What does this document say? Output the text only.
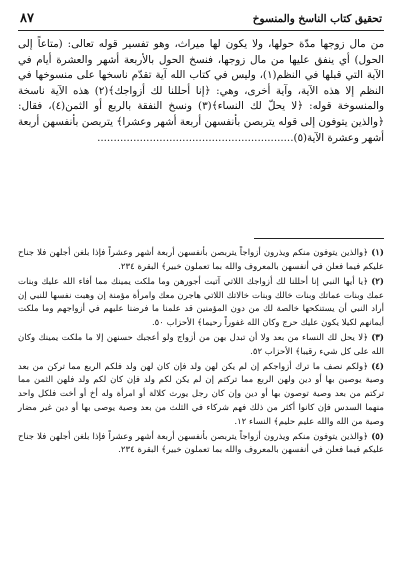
تحقيق كتاب الناسخ والمنسوخ
٨٧

من مال زوجها مدّة حولها، ولا يكون لها ميراث، وهو تفسير قوله تعالى: (متاعاً إلى الحول) أي ينفق عليها من مال زوجها، فنسخ الحول بالأربعة أشهر والعشرة أيام في الآية التي قبلها في النظم(١)، وليس في كتاب الله آية تقدّم ناسخها على منسوخها في النظم إلا هذه الآية، وآية أخرى، وهي: ﴿إنا أحللنا لك أزواجك﴾(٢) هذه الآية ناسخة والمنسوخة قوله: ﴿لا يحلّ لك النساء﴾(٣) ونسخ النفقة بالربع أو الثمن(٤)، فقال: ﴿والذين يتوفون إلى قوله يتربصن بأنفسهن أربعة أشهر وعشرا﴾ يتربصن بأنفسهن أربعة أشهر وعشرة الآية(٥)............................................................

(١)﴿والذين يتوفون منكم ويذرون أزواجاً يتربصن بأنفسهن أربعة أشهر وعشراً فإذا بلغن أجلهن فلا جناح عليكم فيما فعلن في أنفسهن بالمعروف والله بما تعملون خبير﴾ البقرة ٢٣٤.

(٢)﴿يا أيها النبي إنا أحللنا لك أزواجك اللاتي آتيت أجورهن وما ملكت يمينك مما أفاء الله عليك وبنات عمك وبنات عماتك وبنات خالك وبنات خالاتك اللاتي هاجرن معك وامرأة مؤمنة إن وهبت نفسها للنبي إن أراد النبي أن يستنكحها خالصة لك من دون المؤمنين قد علمنا ما فرضنا عليهم في أزواجهم وما ملكت أيمانهم لكيلا يكون عليك حرج وكان الله غفوراً رحيما﴾ الأحزاب ٥٠.

(٣)﴿لا يحل لك النساء من بعد ولا أن تبدل بهن من أزواج ولو أعجبك حسنهن إلا ما ملكت يمينك وكان الله على كل شيء رقيبا﴾ الأحزاب ٥٢.

(٤)﴿ولكم نصف ما ترك أزواجكم إن لم يكن لهن ولد فإن كان لهن ولد فلكم الربع مما تركن من بعد وصية يوصين بها أو دين ولهن الربع مما تركتم إن لم يكن لكم ولد فإن كان لكم ولد فلهن الثمن مما تركتم من بعد وصية توصون بها أو دين وإن كان رجل يورث كلالة أو امرأة وله أخ أو أخت فلكل واحد منهما السدس فإن كانوا أكثر من ذلك فهم شركاء في الثلث من بعد وصية يوصى بها أو دين غير مضار وصية من الله والله عليم حليم﴾ النساء ١٢.

(٥)﴿والذين يتوفون منكم ويذرون أزواجاً يتربصن بأنفسهن أربعة أشهر وعشراً فإذا بلغن أجلهن فلا جناح عليكم فيما فعلن في أنفسهن بالمعروف والله بما تعملون خبير﴾ البقرة ٢٣٤.
